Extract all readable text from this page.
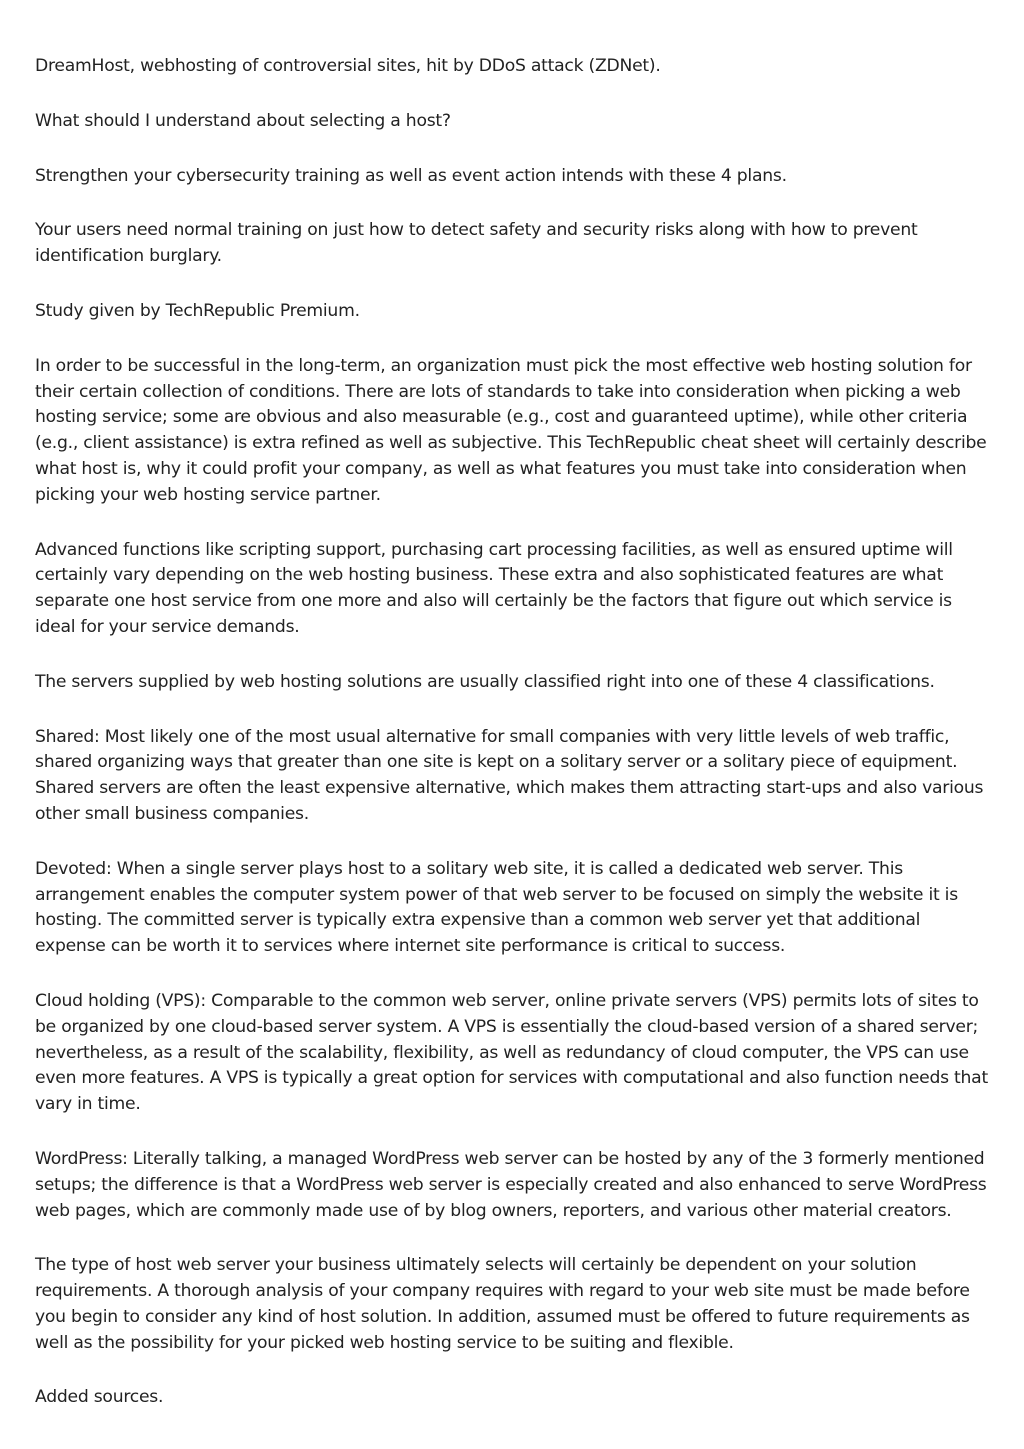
DreamHost, webhosting of controversial sites, hit by DDoS attack (ZDNet).

What should I understand about selecting a host?

Strengthen your cybersecurity training as well as event action intends with these 4 plans.

Your users need normal training on just how to detect safety and security risks along with how to prevent identification burglary.

Study given by TechRepublic Premium.

In order to be successful in the long-term, an organization must pick the most effective web hosting solution for their certain collection of conditions. There are lots of standards to take into consideration when picking a web hosting service; some are obvious and also measurable (e.g., cost and guaranteed uptime), while other criteria (e.g., client assistance) is extra refined as well as subjective. This TechRepublic cheat sheet will certainly describe what host is, why it could profit your company, as well as what features you must take into consideration when picking your web hosting service partner.

Advanced functions like scripting support, purchasing cart processing facilities, as well as ensured uptime will certainly vary depending on the web hosting business. These extra and also sophisticated features are what separate one host service from one more and also will certainly be the factors that figure out which service is ideal for your service demands.

The servers supplied by web hosting solutions are usually classified right into one of these 4 classifications.

Shared: Most likely one of the most usual alternative for small companies with very little levels of web traffic, shared organizing ways that greater than one site is kept on a solitary server or a solitary piece of equipment. Shared servers are often the least expensive alternative, which makes them attracting start-ups and also various other small business companies.

Devoted: When a single server plays host to a solitary web site, it is called a dedicated web server. This arrangement enables the computer system power of that web server to be focused on simply the website it is hosting. The committed server is typically extra expensive than a common web server yet that additional expense can be worth it to services where internet site performance is critical to success.

Cloud holding (VPS): Comparable to the common web server, online private servers (VPS) permits lots of sites to be organized by one cloud-based server system. A VPS is essentially the cloud-based version of a shared server; nevertheless, as a result of the scalability, flexibility, as well as redundancy of cloud computer, the VPS can use even more features. A VPS is typically a great option for services with computational and also function needs that vary in time.

WordPress: Literally talking, a managed WordPress web server can be hosted by any of the 3 formerly mentioned setups; the difference is that a WordPress web server is especially created and also enhanced to serve WordPress web pages, which are commonly made use of by blog owners, reporters, and various other material creators.

The type of host web server your business ultimately selects will certainly be dependent on your solution requirements. A thorough analysis of your company requires with regard to your web site must be made before you begin to consider any kind of host solution. In addition, assumed must be offered to future requirements as well as the possibility for your picked web hosting service to be suiting and flexible.

Added sources.
